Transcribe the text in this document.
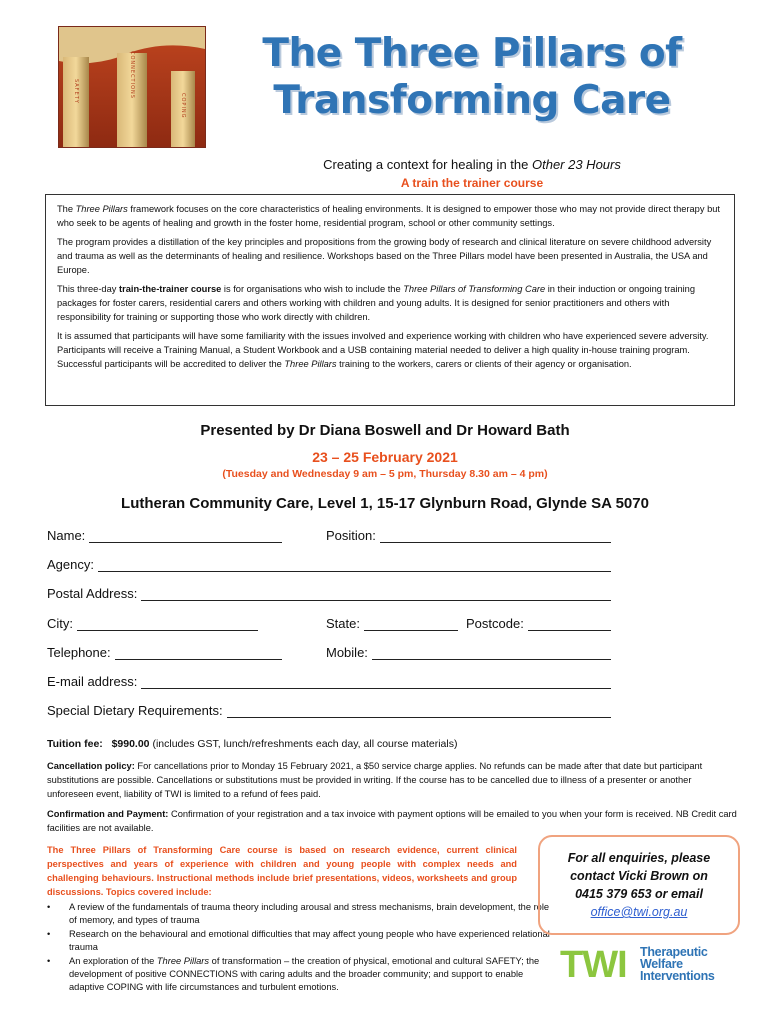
SAFETY	CONNECTIONS
COPING
The Three Pillars of
Transforming Care
Creating a context for healing in the Other 23 Hours
A train the trainer course

The Three Pillars framework focuses on the core characteristics of healing environments. It is designed to empower those who may not provide direct therapy but who seek to be agents of healing and growth in the foster home, residential program, school or other community settings.

The program provides a distillation of the key principles and propositions from the growing body of research and clinical literature on severe childhood adversity and trauma as well as the determinants of healing and resilience. Workshops based on the Three Pillars model have been presented in Australia, the USA and Europe.

This three-day train-the-trainer course is for organisations who wish to include the Three Pillars of Transforming Care in their induction or ongoing training packages for foster carers, residential carers and others working with children and young adults. It is designed for senior practitioners and others with responsibility for training or supporting those who work directly with children.

It is assumed that participants will have some familiarity with the issues involved and experience working with children who have experienced severe adversity. Participants will receive a Training Manual, a Student Workbook and a USB containing material needed to deliver a high quality in-house training program. Successful participants will be accredited to deliver the Three Pillars training to the workers, carers or clients of their agency or organisation.

Presented by Dr Diana Boswell and Dr Howard Bath
23 – 25 February 2021
(Tuesday and Wednesday 9 am – 5 pm, Thursday 8.30 am – 4 pm)
Lutheran Community Care, Level 1, 15-17 Glynburn Road, Glynde SA 5070
Name:	Position:
Agency:
Postal Address:
City:	State:	Postcode:
Telephone:	Mobile:
E-mail address:
Special Dietary Requirements:
Tuition fee: $990.00 (includes GST, lunch/refreshments each day, all course materials)
Cancellation policy: For cancellations prior to Monday 15 February 2021, a $50 service charge applies. No refunds can be made after that date but participant substitutions are possible. Cancellations or substitutions must be provided in writing. If the course has to be cancelled due to illness of a presenter or another unforeseen event, liability of TWI is limited to a refund of fees paid.
Confirmation and Payment: Confirmation of your registration and a tax invoice with payment options will be emailed to you when your form is received. NB Credit card facilities are not available.
The Three Pillars of Transforming Care course is based on research evidence, current clinical perspectives and years of experience with children and young people with complex needs and challenging behaviours. Instructional methods include brief presentations, videos, worksheets and group discussions. Topics covered include:
• A review of the fundamentals of trauma theory including arousal and stress mechanisms, brain development, the role of memory, and types of trauma
• Research on the behavioural and emotional difficulties that may affect young people who have experienced relational trauma
• An exploration of the Three Pillars of transformation – the creation of physical, emotional and cultural SAFETY; the development of positive CONNECTIONS with caring adults and the broader community; and support to enable adaptive COPING with life circumstances and turbulent emotions.
For all enquiries, please
contact Vicki Brown on
0415 379 653 or email
office@twi.org.au
TWI Therapeutic
Welfare
Interventions
